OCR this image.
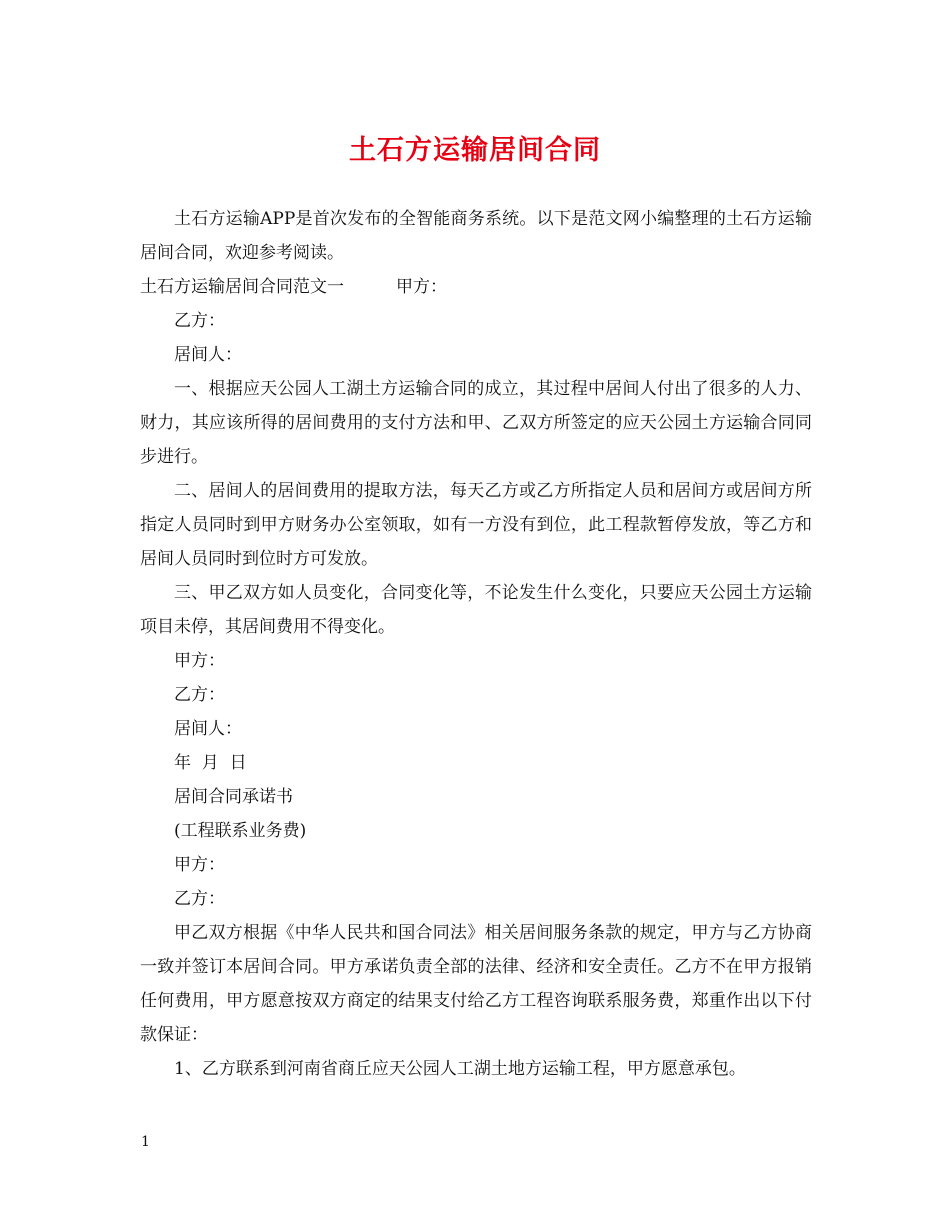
土石方运输居间合同

土石方运输APP是首次发布的全智能商务系统。以下是范文网小编整理的土石方运输居间合同，欢迎参考阅读。

土石方运输居间合同范文一	甲方：

乙方：

居间人：

一、根据应天公园人工湖土方运输合同的成立，其过程中居间人付出了很多的人力、财力，其应该所得的居间费用的支付方法和甲、乙双方所签定的应天公园土方运输合同同步进行。

二、居间人的居间费用的提取方法，每天乙方或乙方所指定人员和居间方或居间方所指定人员同时到甲方财务办公室领取，如有一方没有到位，此工程款暂停发放，等乙方和居间人员同时到位时方可发放。

三、甲乙双方如人员变化，合同变化等，不论发生什么变化，只要应天公园土方运输项目未停，其居间费用不得变化。

甲方：

乙方：

居间人：

年  月  日

居间合同承诺书

(工程联系业务费)

甲方：

乙方：

甲乙双方根据《中华人民共和国合同法》相关居间服务条款的规定，甲方与乙方协商一致并签订本居间合同。甲方承诺负责全部的法律、经济和安全责任。乙方不在甲方报销任何费用，甲方愿意按双方商定的结果支付给乙方工程咨询联系服务费，郑重作出以下付款保证：

1、乙方联系到河南省商丘应天公园人工湖土地方运输工程，甲方愿意承包。

1
